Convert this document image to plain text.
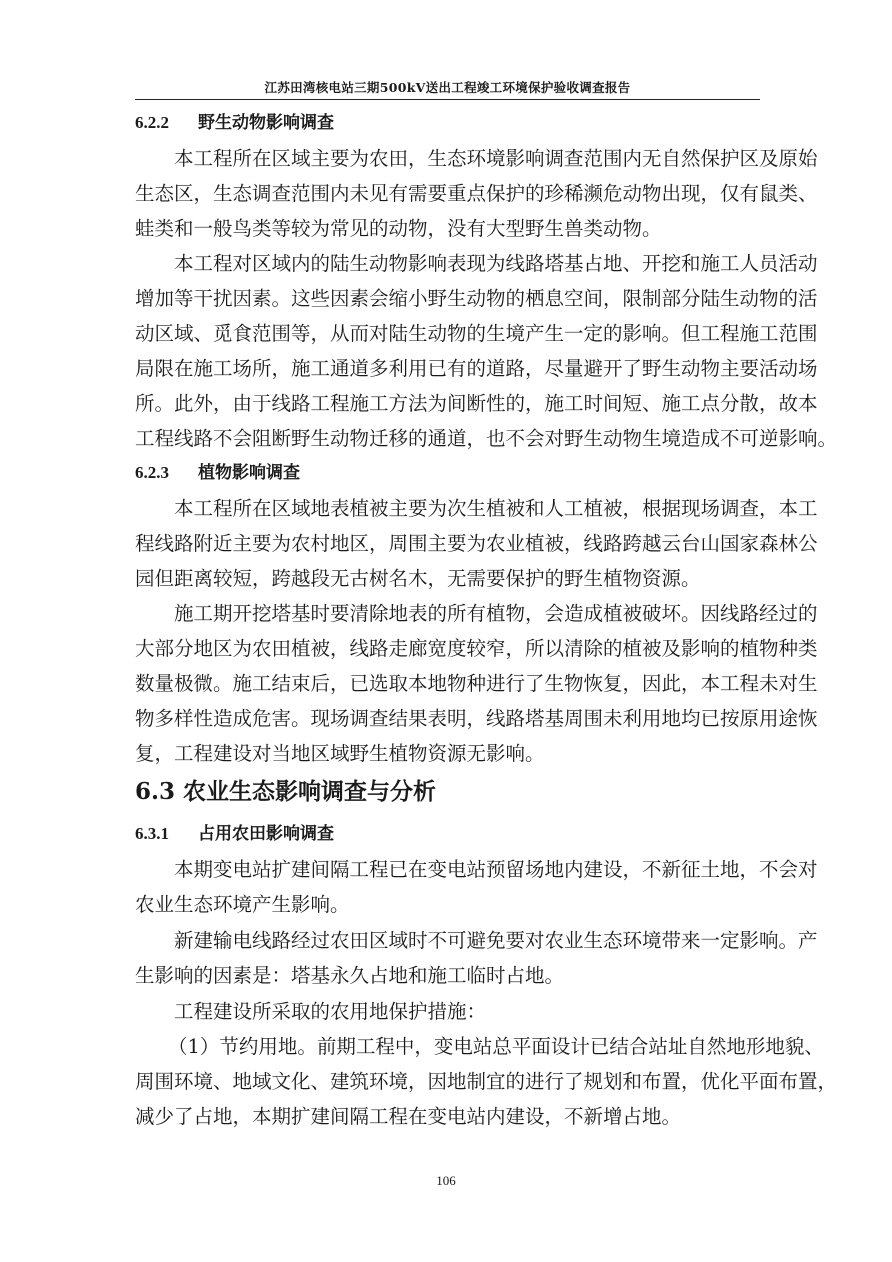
江苏田湾核电站三期500kV送出工程竣工环境保护验收调查报告
6.2.2 野生动物影响调查
本工程所在区域主要为农田，生态环境影响调查范围内无自然保护区及原始
生态区，生态调查范围内未见有需要重点保护的珍稀濒危动物出现，仅有鼠类、
蛙类和一般鸟类等较为常见的动物，没有大型野生兽类动物。
本工程对区域内的陆生动物影响表现为线路塔基占地、开挖和施工人员活动
增加等干扰因素。这些因素会缩小野生动物的栖息空间，限制部分陆生动物的活
动区域、觅食范围等，从而对陆生动物的生境产生一定的影响。但工程施工范围
局限在施工场所，施工通道多利用已有的道路，尽量避开了野生动物主要活动场
所。此外，由于线路工程施工方法为间断性的，施工时间短、施工点分散，故本
工程线路不会阻断野生动物迁移的通道，也不会对野生动物生境造成不可逆影响。
6.2.3 植物影响调查
本工程所在区域地表植被主要为次生植被和人工植被，根据现场调查，本工
程线路附近主要为农村地区，周围主要为农业植被，线路跨越云台山国家森林公
园但距离较短，跨越段无古树名木，无需要保护的野生植物资源。
施工期开挖塔基时要清除地表的所有植物，会造成植被破坏。因线路经过的
大部分地区为农田植被，线路走廊宽度较窄，所以清除的植被及影响的植物种类
数量极微。施工结束后，已选取本地物种进行了生物恢复，因此，本工程未对生
物多样性造成危害。现场调查结果表明，线路塔基周围未利用地均已按原用途恢
复，工程建设对当地区域野生植物资源无影响。
6.3 农业生态影响调查与分析
6.3.1 占用农田影响调查
本期变电站扩建间隔工程已在变电站预留场地内建设，不新征土地，不会对
农业生态环境产生影响。
新建输电线路经过农田区域时不可避免要对农业生态环境带来一定影响。产
生影响的因素是：塔基永久占地和施工临时占地。
工程建设所采取的农用地保护措施：
（1）节约用地。前期工程中，变电站总平面设计已结合站址自然地形地貌、
周围环境、地域文化、建筑环境，因地制宜的进行了规划和布置，优化平面布置，
减少了占地，本期扩建间隔工程在变电站内建设，不新增占地。
106
